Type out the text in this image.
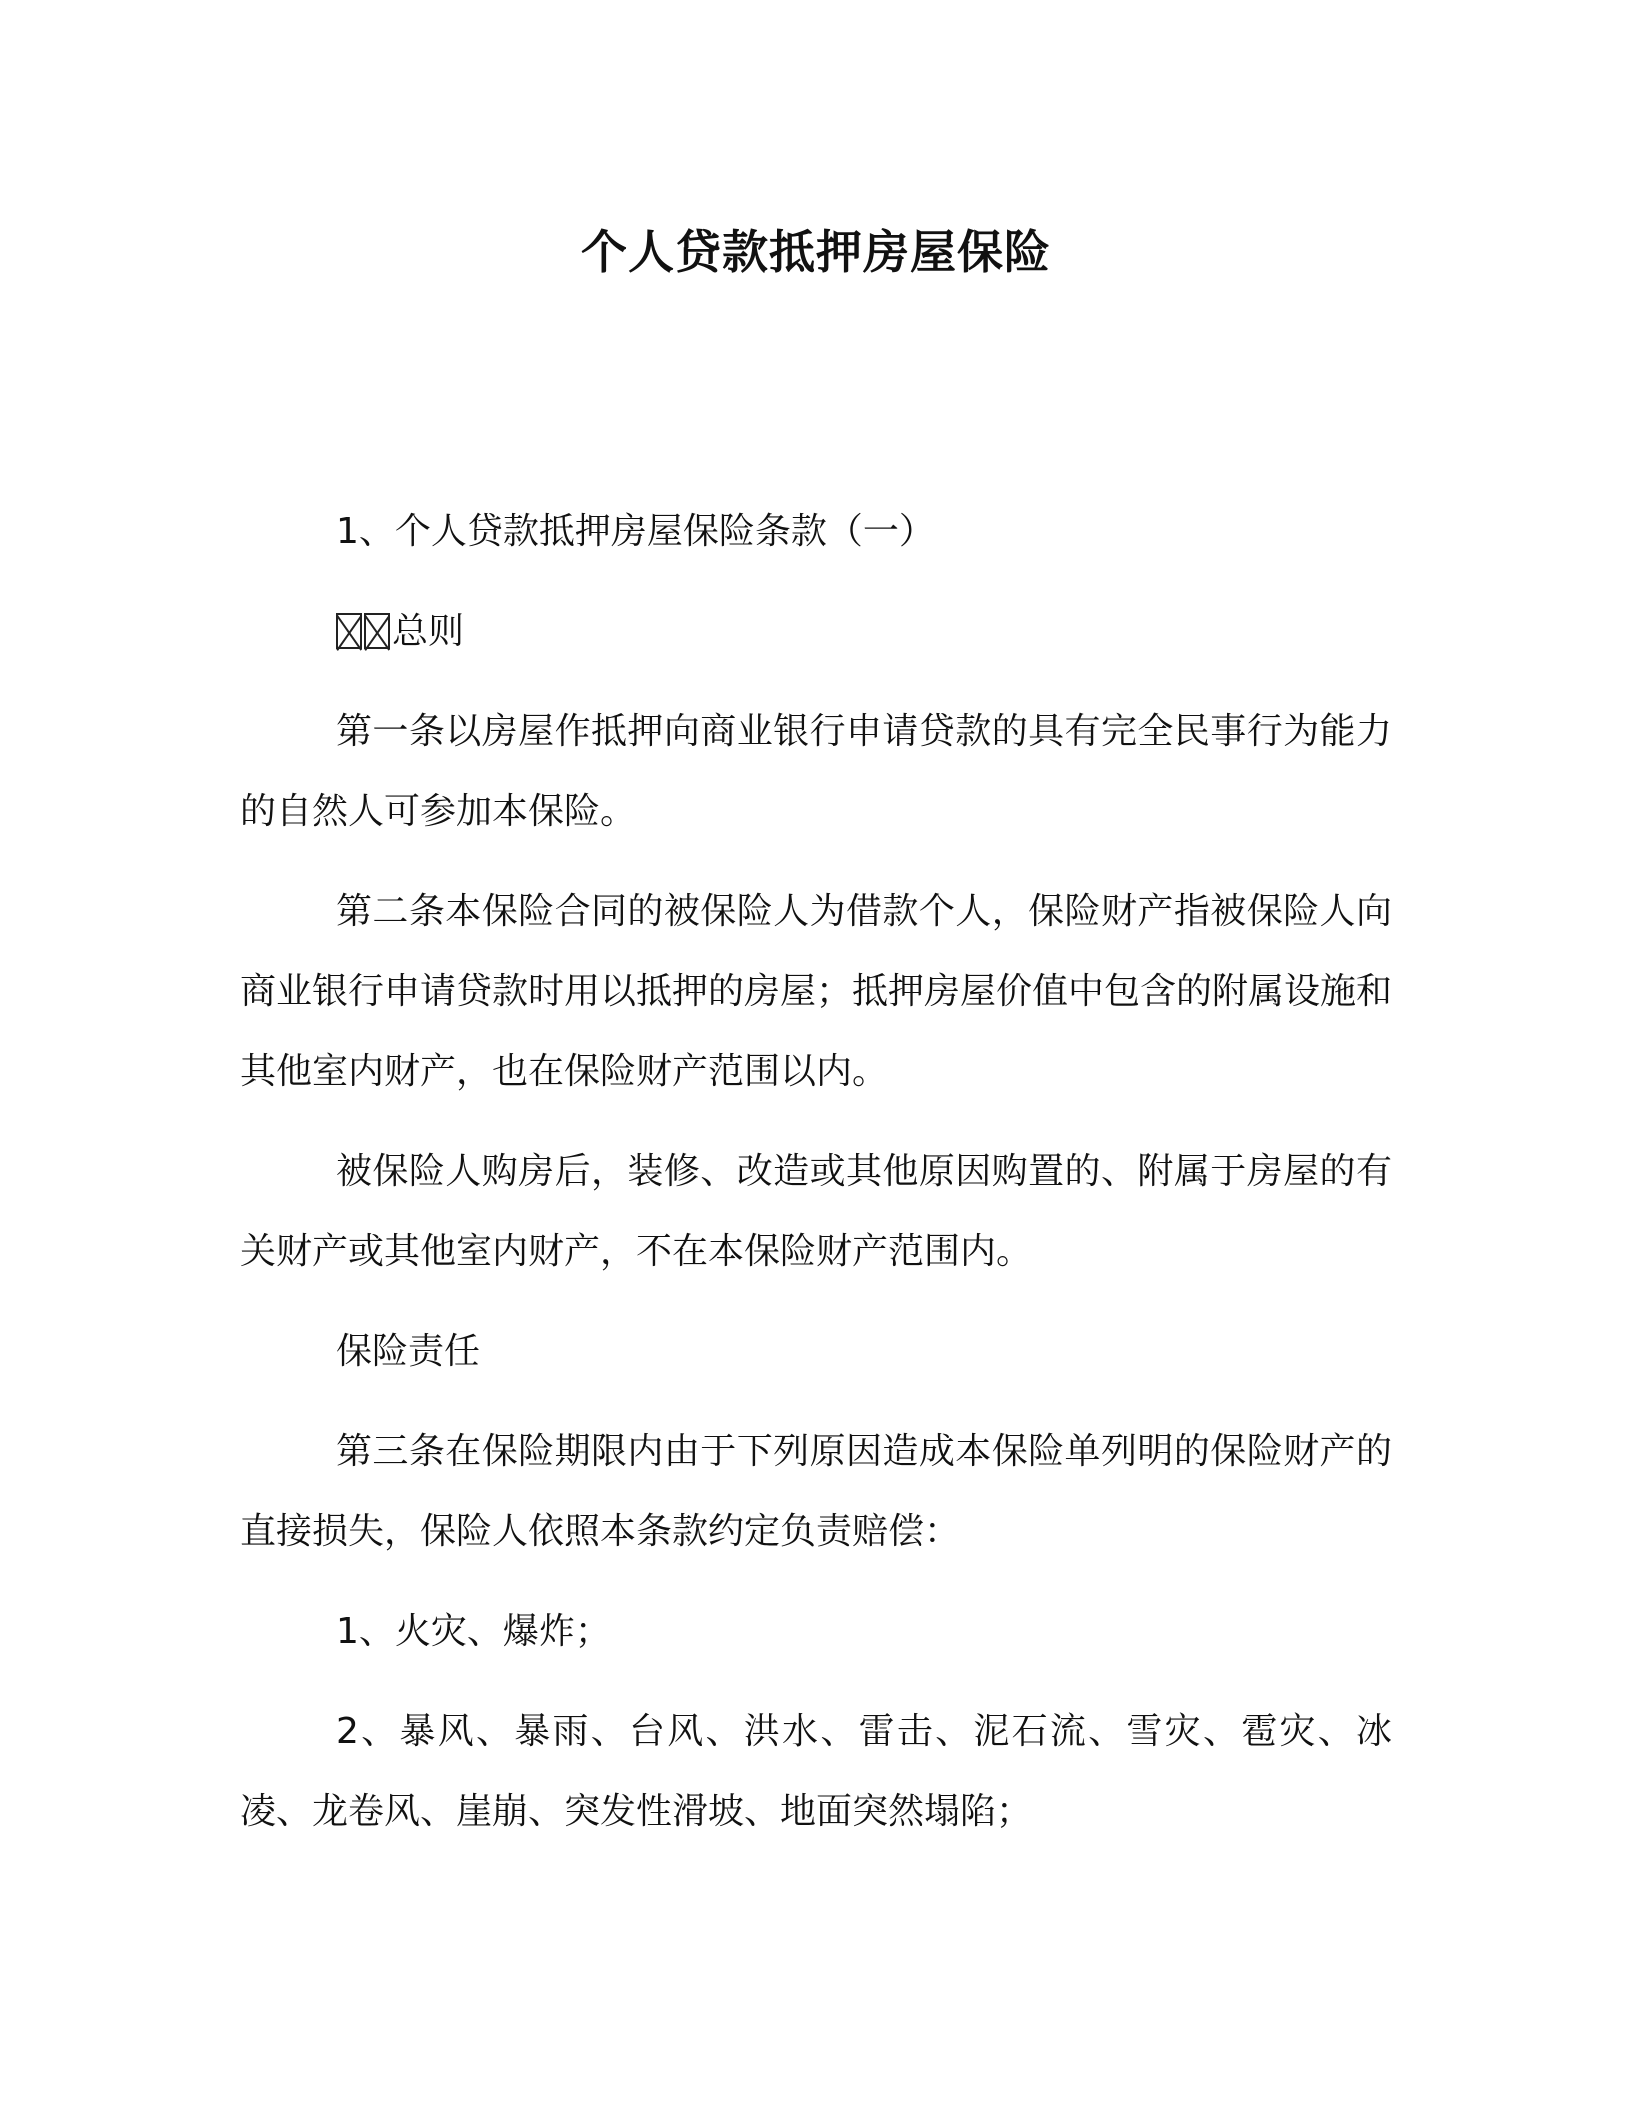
个人贷款抵押房屋保险

1、个人贷款抵押房屋保险条款（一）

总则

第一条以房屋作抵押向商业银行申请贷款的具有完全民事行为能力的自然人可参加本保险。

第二条本保险合同的被保险人为借款个人，保险财产指被保险人向商业银行申请贷款时用以抵押的房屋；抵押房屋价值中包含的附属设施和其他室内财产，也在保险财产范围以内。

被保险人购房后，装修、改造或其他原因购置的、附属于房屋的有关财产或其他室内财产，不在本保险财产范围内。

保险责任

第三条在保险期限内由于下列原因造成本保险单列明的保险财产的直接损失，保险人依照本条款约定负责赔偿：

1、火灾、爆炸；

2、暴风、暴雨、台风、洪水、雷击、泥石流、雪灾、雹灾、冰凌、龙卷风、崖崩、突发性滑坡、地面突然塌陷；
